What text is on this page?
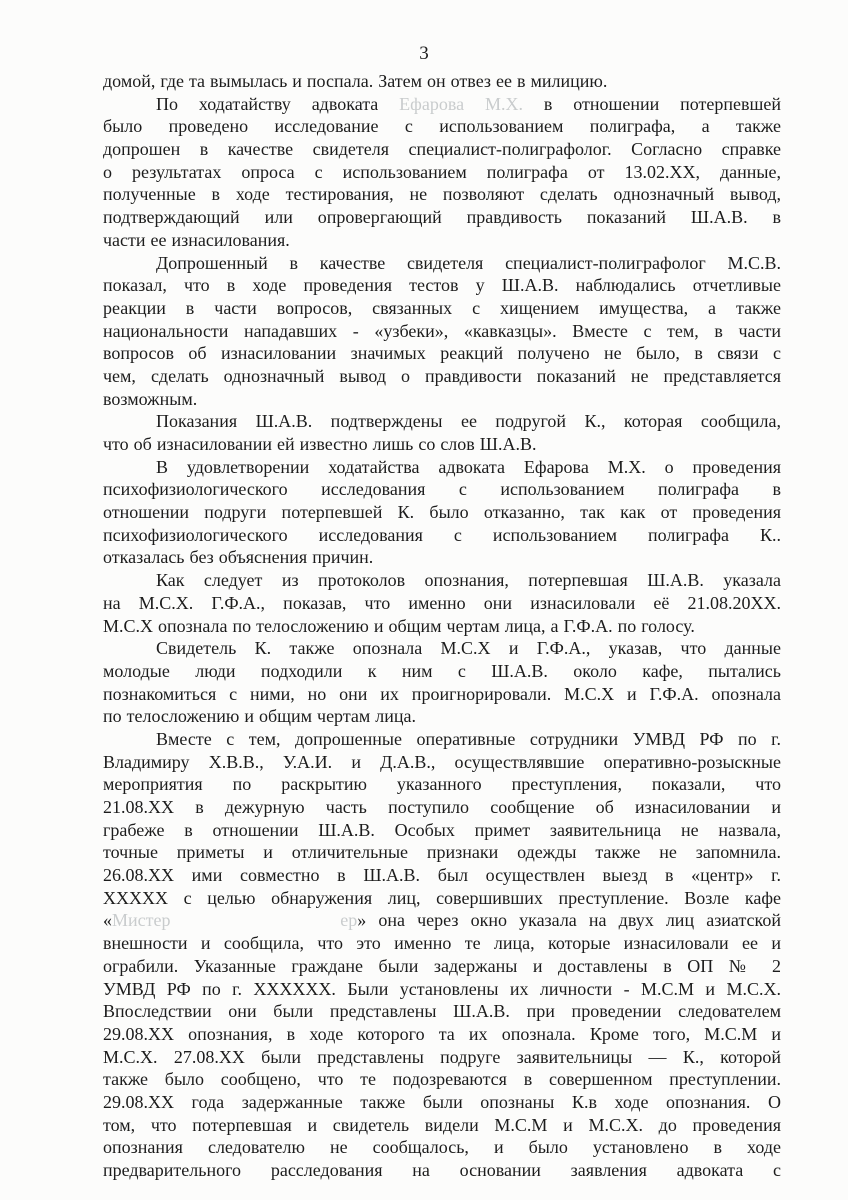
3
домой, где та вымылась и поспала. Затем он отвез ее в милицию.
По ходатайству адвоката Ефарова М.Х. в отношении потерпевшей
было проведено исследование с использованием полиграфа, а также
допрошен в качестве свидетеля специалист-полиграфолог. Согласно справке
о результатах опроса с использованием полиграфа от 13.02.ХХ, данные,
полученные в ходе тестирования, не позволяют сделать однозначный вывод,
подтверждающий или опровергающий правдивость показаний Ш.А.В. в
части ее изнасилования.
Допрошенный в качестве свидетеля специалист-полиграфолог М.С.В.
показал, что в ходе проведения тестов у Ш.А.В. наблюдались отчетливые
реакции в части вопросов, связанных с хищением имущества, а также
национальности нападавших - «узбеки», «кавказцы». Вместе с тем, в части
вопросов об изнасиловании значимых реакций получено не было, в связи с
чем, сделать однозначный вывод о правдивости показаний не представляется
возможным.
Показания Ш.А.В. подтверждены ее подругой К., которая сообщила,
что об изнасиловании ей известно лишь со слов Ш.А.В.
В удовлетворении ходатайства адвоката Ефарова М.Х. о проведения
психофизиологического исследования с использованием полиграфа в
отношении подруги потерпевшей К. было отказанно, так как от проведения
психофизиологического исследования с использованием полиграфа К..
отказалась без объяснения причин.
Как следует из протоколов опознания, потерпевшая Ш.А.В. указала
на М.С.Х. Г.Ф.А., показав, что именно они изнасиловали её 21.08.20ХХ.
М.С.Х опознала по телосложению и общим чертам лица, а Г.Ф.А. по голосу.
Свидетель К. также опознала М.С.Х и Г.Ф.А., указав, что данные
молодые люди подходили к ним с Ш.А.В. около кафе, пытались
познакомиться с ними, но они их проигнорировали. М.С.Х и Г.Ф.А. опознала
по телосложению и общим чертам лица.
Вместе с тем, допрошенные оперативные сотрудники УМВД РФ по г.
Владимиру Х.В.В., У.А.И. и Д.А.В., осуществлявшие оперативно-розыскные
мероприятия по раскрытию указанного преступления, показали, что
21.08.ХХ в дежурную часть поступило сообщение об изнасиловании и
грабеже в отношении Ш.А.В. Особых примет заявительница не назвала,
точные приметы и отличительные признаки одежды также не запомнила.
26.08.ХХ ими совместно в Ш.А.В. был осуществлен выезд в «центр» г.
ХХХХХ с целью обнаружения лиц, совершивших преступление. Возле кафе
«Мистер	ер» она через окно указала на двух лиц азиатской
внешности и сообщила, что это именно те лица, которые изнасиловали ее и
ограбили. Указанные граждане были задержаны и доставлены в ОП № 2
УМВД РФ по г. ХХХХХХ. Были установлены их личности - М.С.М и М.С.Х.
Впоследствии они были представлены Ш.А.В. при проведении следователем
29.08.ХХ опознания, в ходе которого та их опознала. Кроме того, М.С.М и
М.С.Х. 27.08.ХХ были представлены подруге заявительницы — К., которой
также было сообщено, что те подозреваются в совершенном преступлении.
29.08.ХХ года задержанные также были опознаны К.в ходе опознания. О
том, что потерпевшая и свидетель видели М.С.М и М.С.Х. до проведения
опознания следователю не сообщалось, и было установлено в ходе
предварительного расследования на основании заявления адвоката с
